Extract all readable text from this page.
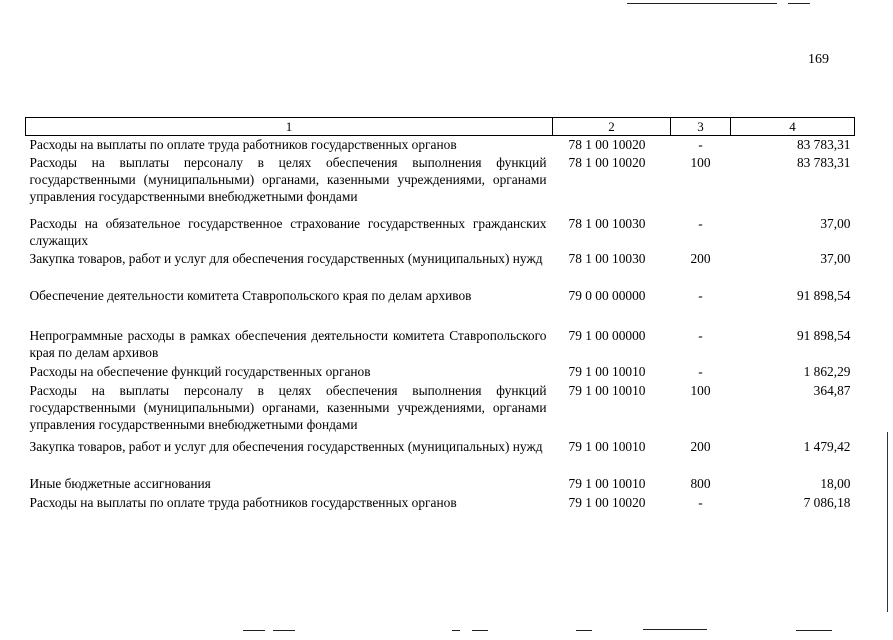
169
1	2	3	4
Расходы на выплаты по оплате труда работников государственных органов	78 1 00 10020	-	83 783,31
Расходы на выплаты персоналу в целях обеспечения выполнения функций государственными (муниципальными) органами, казенными учреждениями, органами управления государственными внебюджетными фондами	78 1 00 10020	100	83 783,31
Расходы на обязательное государственное страхование государственных гражданских служащих	78 1 00 10030	-	37,00
Закупка товаров, работ и услуг для обеспечения государственных (муниципальных) нужд	78 1 00 10030	200	37,00
Обеспечение деятельности комитета Ставропольского края по делам архивов	79 0 00 00000	-	91 898,54
Непрограммные расходы в рамках обеспечения деятельности комитета Ставропольского края по делам архивов	79 1 00 00000	-	91 898,54
Расходы на обеспечение функций государственных органов	79 1 00 10010	-	1 862,29
Расходы на выплаты персоналу в целях обеспечения выполнения функций государственными (муниципальными) органами, казенными учреждениями, органами управления государственными внебюджетными фондами	79 1 00 10010	100	364,87
Закупка товаров, работ и услуг для обеспечения государственных (муниципальных) нужд	79 1 00 10010	200	1 479,42
Иные бюджетные ассигнования	79 1 00 10010	800	18,00
Расходы на выплаты по оплате труда работников государственных органов	79 1 00 10020	-	7 086,18
